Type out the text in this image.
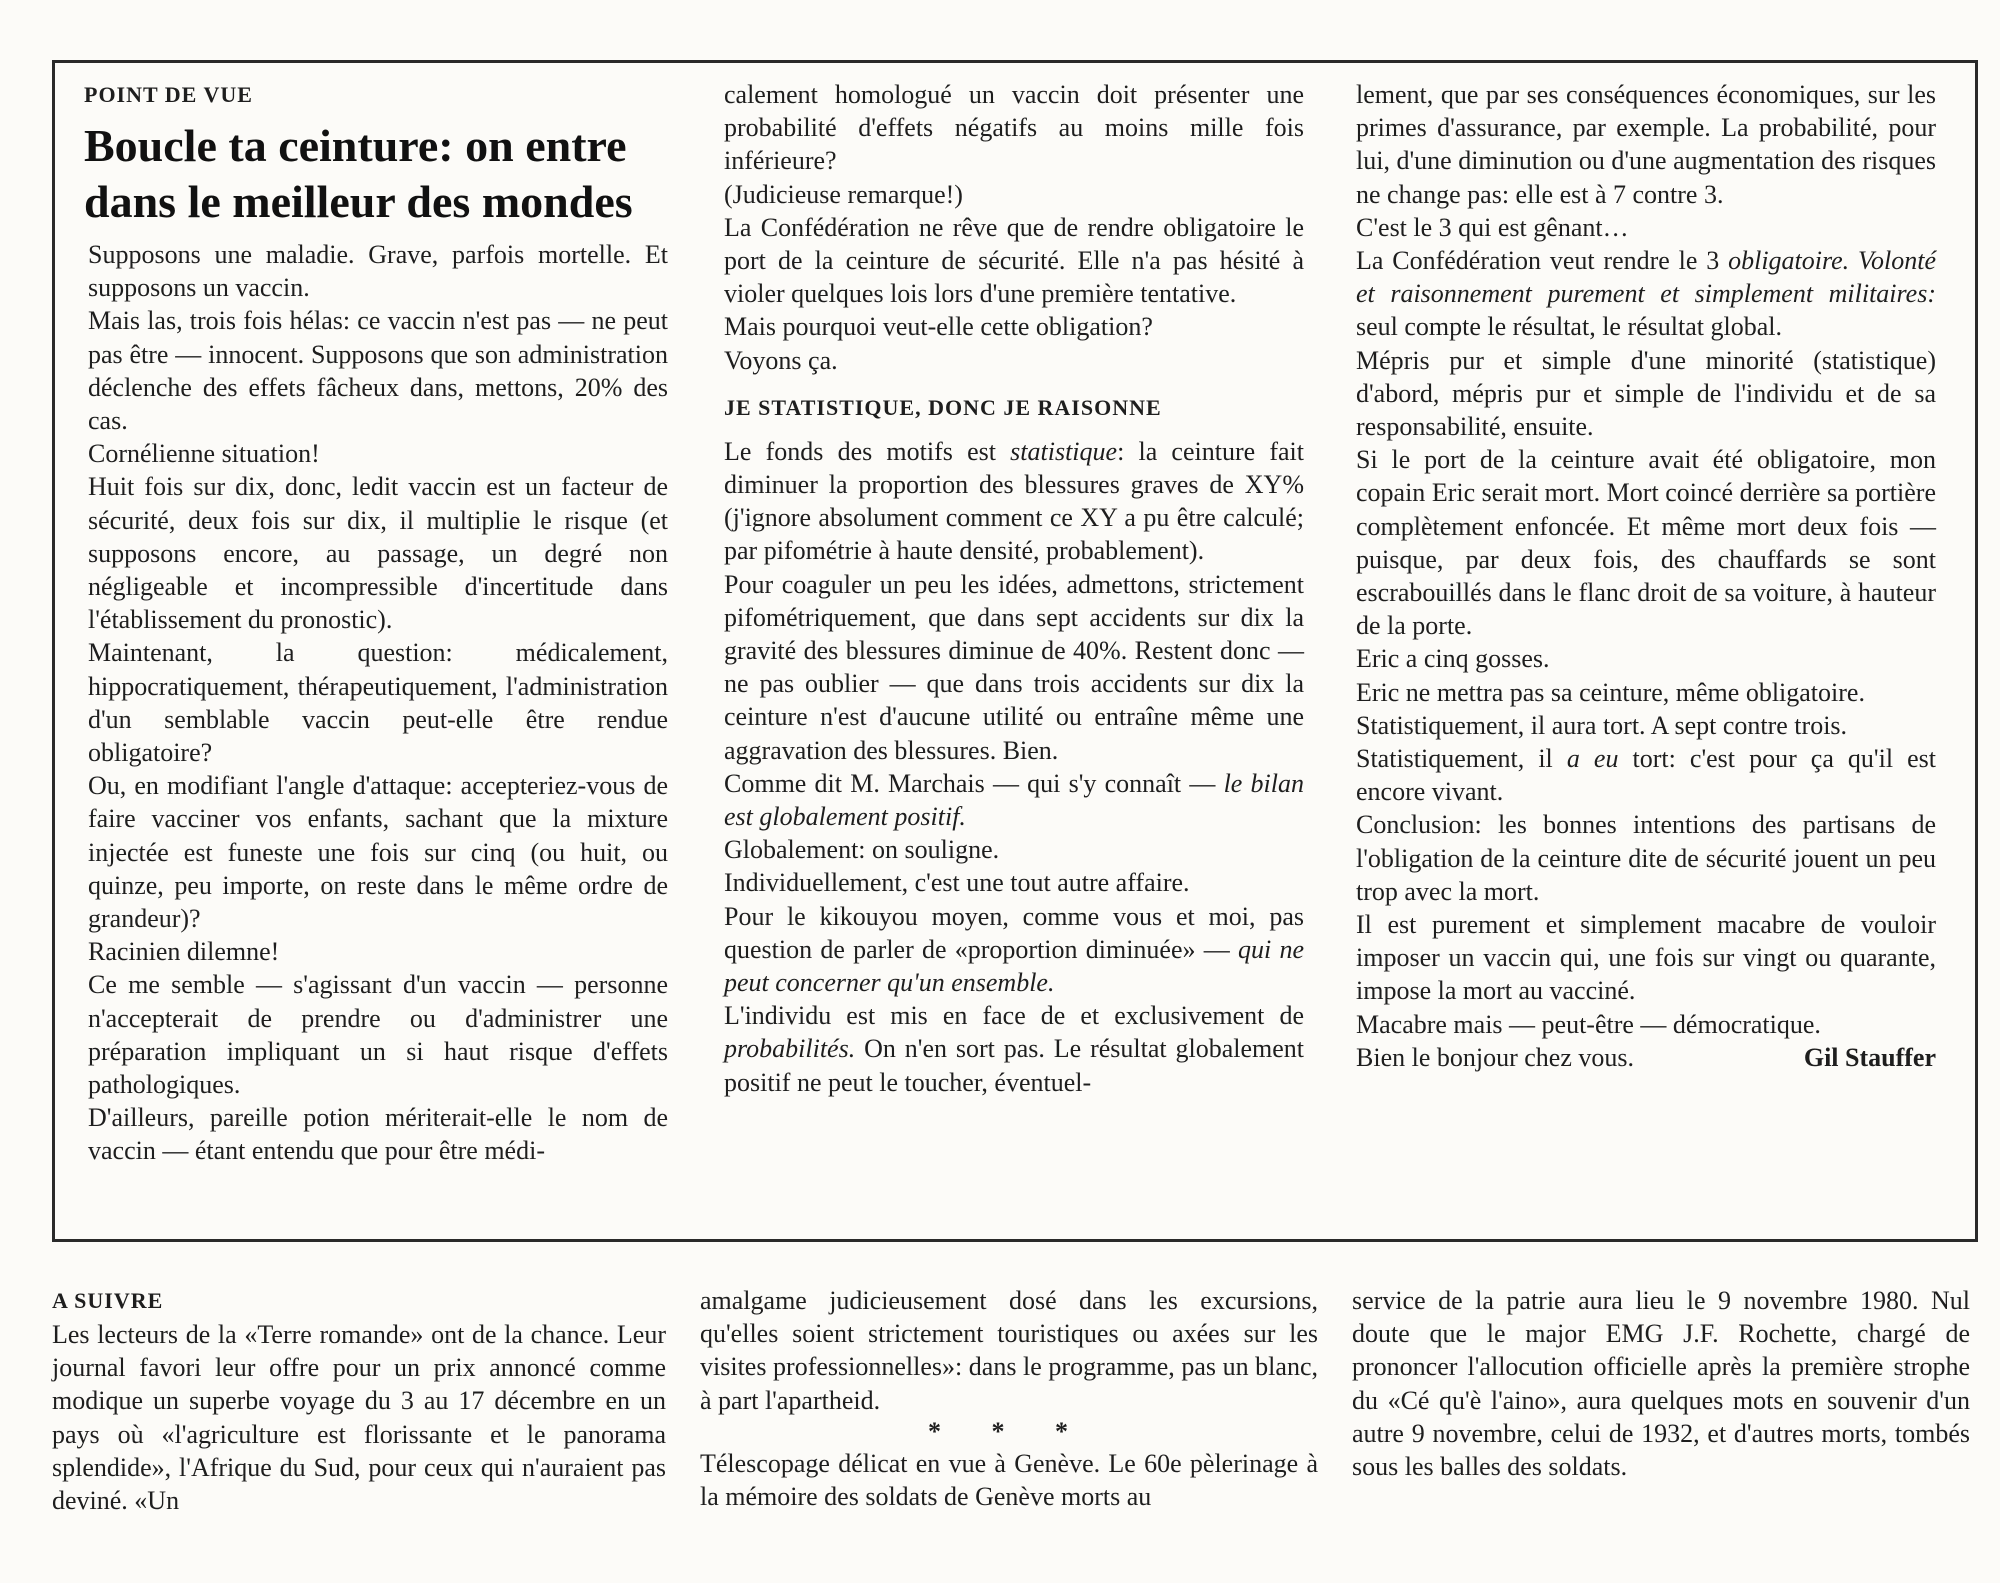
POINT DE VUE
Boucle ta ceinture: on entre dans le meilleur des mondes

Supposons une maladie. Grave, parfois mortelle. Et supposons un vaccin.

Mais las, trois fois hélas: ce vaccin n'est pas — ne peut pas être — innocent. Supposons que son administration déclenche des effets fâcheux dans, mettons, 20% des cas.

Cornélienne situation!

Huit fois sur dix, donc, ledit vaccin est un facteur de sécurité, deux fois sur dix, il multiplie le risque (et supposons encore, au passage, un degré non négligeable et incompressible d'incertitude dans l'établissement du pronostic).

Maintenant, la question: médicalement, hippocratiquement, thérapeutiquement, l'administration d'un semblable vaccin peut-elle être rendue obligatoire?

Ou, en modifiant l'angle d'attaque: accepteriez-vous de faire vacciner vos enfants, sachant que la mixture injectée est funeste une fois sur cinq (ou huit, ou quinze, peu importe, on reste dans le même ordre de grandeur)?

Racinien dilemne!

Ce me semble — s'agissant d'un vaccin — personne n'accepterait de prendre ou d'administrer une préparation impliquant un si haut risque d'effets pathologiques.

D'ailleurs, pareille potion mériterait-elle le nom de vaccin — étant entendu que pour être médi-

calement homologué un vaccin doit présenter une probabilité d'effets négatifs au moins mille fois inférieure?

(Judicieuse remarque!)

La Confédération ne rêve que de rendre obligatoire le port de la ceinture de sécurité. Elle n'a pas hésité à violer quelques lois lors d'une première tentative.

Mais pourquoi veut-elle cette obligation?

Voyons ça.

JE STATISTIQUE, DONC JE RAISONNE

Le fonds des motifs est statistique: la ceinture fait diminuer la proportion des blessures graves de XY% (j'ignore absolument comment ce XY a pu être calculé; par pifométrie à haute densité, probablement).

Pour coaguler un peu les idées, admettons, strictement pifométriquement, que dans sept accidents sur dix la gravité des blessures diminue de 40%. Restent donc — ne pas oublier — que dans trois accidents sur dix la ceinture n'est d'aucune utilité ou entraîne même une aggravation des blessures. Bien.

Comme dit M. Marchais — qui s'y connaît — le bilan est globalement positif.

Globalement: on souligne.

Individuellement, c'est une tout autre affaire.

Pour le kikouyou moyen, comme vous et moi, pas question de parler de «proportion diminuée» — qui ne peut concerner qu'un ensemble.

L'individu est mis en face de et exclusivement de probabilités. On n'en sort pas. Le résultat globalement positif ne peut le toucher, éventuel-

lement, que par ses conséquences économiques, sur les primes d'assurance, par exemple. La probabilité, pour lui, d'une diminution ou d'une augmentation des risques ne change pas: elle est à 7 contre 3.

C'est le 3 qui est gênant…

La Confédération veut rendre le 3 obligatoire. Volonté et raisonnement purement et simplement militaires: seul compte le résultat, le résultat global.

Mépris pur et simple d'une minorité (statistique) d'abord, mépris pur et simple de l'individu et de sa responsabilité, ensuite.

Si le port de la ceinture avait été obligatoire, mon copain Eric serait mort. Mort coincé derrière sa portière complètement enfoncée. Et même mort deux fois — puisque, par deux fois, des chauffards se sont escrabouillés dans le flanc droit de sa voiture, à hauteur de la porte.

Eric a cinq gosses.

Eric ne mettra pas sa ceinture, même obligatoire.

Statistiquement, il aura tort. A sept contre trois.

Statistiquement, il a eu tort: c'est pour ça qu'il est encore vivant.

Conclusion: les bonnes intentions des partisans de l'obligation de la ceinture dite de sécurité jouent un peu trop avec la mort.

Il est purement et simplement macabre de vouloir imposer un vaccin qui, une fois sur vingt ou quarante, impose la mort au vacciné.

Macabre mais — peut-être — démocratique.

Bien le bonjour chez vous.	Gil Stauffer
A SUIVRE

Les lecteurs de la «Terre romande» ont de la chance. Leur journal favori leur offre pour un prix annoncé comme modique un superbe voyage du 3 au 17 décembre en un pays où «l'agriculture est florissante et le panorama splendide», l'Afrique du Sud, pour ceux qui n'auraient pas deviné. «Un

amalgame judicieusement dosé dans les excursions, qu'elles soient strictement touristiques ou axées sur les visites professionnelles»: dans le programme, pas un blanc, à part l'apartheid.

* * *

Télescopage délicat en vue à Genève. Le 60e pèlerinage à la mémoire des soldats de Genève morts au

service de la patrie aura lieu le 9 novembre 1980. Nul doute que le major EMG J.F. Rochette, chargé de prononcer l'allocution officielle après la première strophe du «Cé qu'è l'aino», aura quelques mots en souvenir d'un autre 9 novembre, celui de 1932, et d'autres morts, tombés sous les balles des soldats.
